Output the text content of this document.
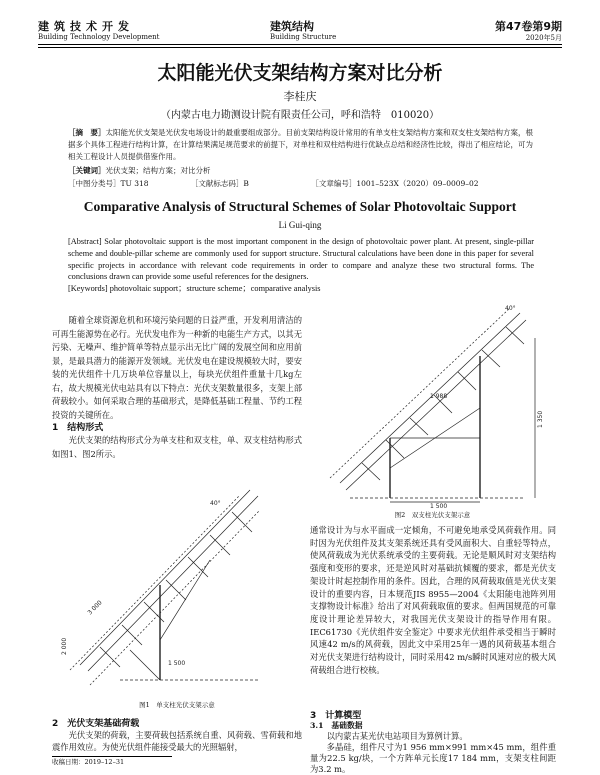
建筑技术开发
Building Technology Development
建筑结构
Building Structure
第47卷第9期
2020年5月
太阳能光伏支架结构方案对比分析
李桂庆
（内蒙古电力勘测设计院有限责任公司，呼和浩特　010020）
［摘　要］太阳能光伏支架是光伏发电场设计的最重要组成部分。目前支架结构设计常用的有单支柱支架结构方案和双支柱支架结构方案，根据多个具体工程进行结构计算，在计算结果满足规范要求的前提下，对单柱和双柱结构进行优缺点总结和经济性比较，得出了相应结论，可为相关工程设计人员提供借鉴作用。
［关键词］光伏支架；结构方案；对比分析
［中图分类号］TU 318	［文献标志码］B	［文章编号］1001–523X（2020）09–0009–02
Comparative Analysis of Structural Schemes of Solar Photovoltaic Support
Li Gui-qing
[Abstract] Solar photovoltaic support is the most important component in the design of photovoltaic power plant. At present, single-pillar scheme and double-pillar scheme are commonly used for support structure. Structural calculations have been done in this paper for several specific projects in accordance with relevant code requirements in order to compare and analyze these two structural forms. The conclusions drawn can provide some useful references for the designers.
[Keywords] photovoltaic support；structure scheme；comparative analysis
随着全球资源危机和环境污染问题的日益严重，开发利用清洁的可再生能源势在必行。光伏发电作为一种新的电能生产方式，以其无污染、无噪声、维护简单等特点显示出无比广阔的发展空间和应用前景，是最具潜力的能源开发领域。光伏发电在建设规模较大时，要安装的光伏组件十几万块单位容量以上，每块光伏组件重量十几kg左右，故大规模光伏电站具有以下特点：光伏支架数量很多，支架上部荷载较小。如何采取合理的基础形式，是降低基础工程量、节约工程投资的关键所在。
1　结构形式
光伏支架的结构形式分为单支柱和双支柱，单、双支柱结构形式如图1、图2所示。
40°
1 500
3 000
2 000
图1　单支柱光伏支架示意
2　光伏支架基础荷载
光伏支架的荷载，主要荷载包括系统自重、风荷载、雪荷载和地震作用效应。为使光伏组件能接受最大的光照辐射，
1 500
40°
1 988
1 350
图2　双支柱光伏支架示意
通常设计为与水平面成一定倾角，不可避免地承受风荷载作用。同时因为光伏组件及其支架系统还具有受风面积大、自重轻等特点，使风荷载成为光伏系统承受的主要荷载。无论是顺风时对支架结构强度和变形的要求，还是逆风时对基础抗倾覆的要求，都是光伏支架设计时起控制作用的条件。因此，合理的风荷载取值是光伏支架设计的重要内容，日本规范JIS 8955—2004《太阳能电池阵列用支撑物设计标准》给出了对风荷载取值的要求。但两国规范的可靠度设计理论差异较大，对我国光伏支架设计的指导作用有限。IEC61730《光伏组件安全鉴定》中要求光伏组件承受相当于瞬时风速42 m/s的风荷载，因此文中采用25年一遇的风荷载基本组合对光伏支架进行结构设计，同时采用42 m/s瞬时风速对应的极大风荷载组合进行校核。
3　计算模型
3.1　基础数据
以内蒙古某光伏电站项目为算例计算。
多晶硅，组件尺寸为1 956 mm×991 mm×45 mm，组件重量为22.5 kg/块，一个方阵单元长度17 184 mm，支架支柱间距为3.2 m。
收稿日期：2019–12–31
